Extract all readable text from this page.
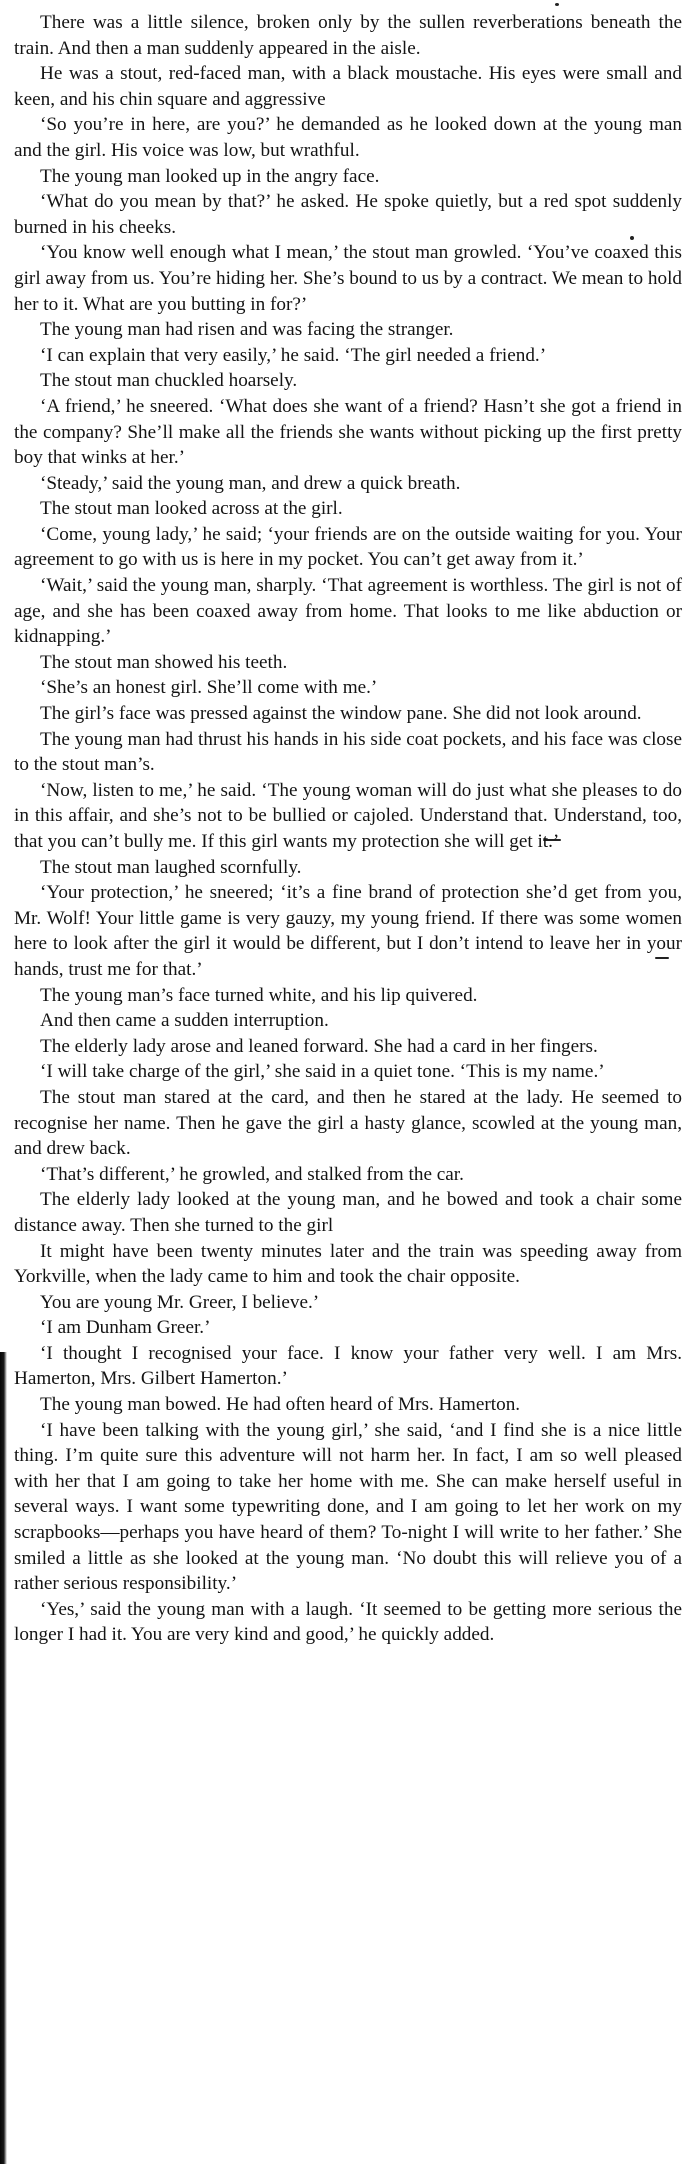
There was a little silence, broken only by the sullen reverberations beneath the train. And then a man suddenly appeared in the aisle.

He was a stout, red-faced man, with a black moustache. His eyes were small and keen, and his chin square and aggressive

‘So you’re in here, are you?’ he demanded as he looked down at the young man and the girl. His voice was low, but wrathful.

The young man looked up in the angry face.

‘What do you mean by that?’ he asked. He spoke quietly, but a red spot suddenly burned in his cheeks.

‘You know well enough what I mean,’ the stout man growled. ‘You’ve coaxed this girl away from us. You’re hiding her. She’s bound to us by a contract. We mean to hold her to it. What are you butting in for?’

The young man had risen and was facing the stranger.

‘I can explain that very easily,’ he said. ‘The girl needed a friend.’

The stout man chuckled hoarsely.

‘A friend,’ he sneered. ‘What does she want of a friend? Hasn’t she got a friend in the company? She’ll make all the friends she wants without picking up the first pretty boy that winks at her.’

‘Steady,’ said the young man, and drew a quick breath.

The stout man looked across at the girl.

‘Come, young lady,’ he said; ‘your friends are on the outside waiting for you. Your agreement to go with us is here in my pocket. You can’t get away from it.’

‘Wait,’ said the young man, sharply. ‘That agreement is worthless. The girl is not of age, and she has been coaxed away from home. That looks to me like abduction or kidnapping.’

The stout man showed his teeth.

‘She’s an honest girl. She’ll come with me.’

The girl’s face was pressed against the window pane. She did not look around.

The young man had thrust his hands in his side coat pockets, and his face was close to the stout man’s.

‘Now, listen to me,’ he said. ‘The young woman will do just what she pleases to do in this affair, and she’s not to be bullied or cajoled. Understand that. Understand, too, that you can’t bully me. If this girl wants my protection she will get it.’

The stout man laughed scornfully.

‘Your protection,’ he sneered; ‘it’s a fine brand of protection she’d get from you, Mr. Wolf! Your little game is very gauzy, my young friend. If there was some women here to look after the girl it would be different, but I don’t intend to leave her in your hands, trust me for that.’

The young man’s face turned white, and his lip quivered.

And then came a sudden interruption.

The elderly lady arose and leaned forward. She had a card in her fingers.

‘I will take charge of the girl,’ she said in a quiet tone. ‘This is my name.’

The stout man stared at the card, and then he stared at the lady. He seemed to recognise her name. Then he gave the girl a hasty glance, scowled at the young man, and drew back.

‘That’s different,’ he growled, and stalked from the car.

The elderly lady looked at the young man, and he bowed and took a chair some distance away. Then she turned to the girl

It might have been twenty minutes later and the train was speeding away from Yorkville, when the lady came to him and took the chair opposite.

You are young Mr. Greer, I believe.’

‘I am Dunham Greer.’

‘I thought I recognised your face. I know your father very well. I am Mrs. Hamerton, Mrs. Gilbert Hamerton.’

The young man bowed. He had often heard of Mrs. Hamerton.

‘I have been talking with the young girl,’ she said, ‘and I find she is a nice little thing. I’m quite sure this adventure will not harm her. In fact, I am so well pleased with her that I am going to take her home with me. She can make herself useful in several ways. I want some typewriting done, and I am going to let her work on my scrapbooks—perhaps you have heard of them? To-night I will write to her father.’ She smiled a little as she looked at the young man. ‘No doubt this will relieve you of a rather serious responsibility.’

‘Yes,’ said the young man with a laugh. ‘It seemed to be getting more serious the longer I had it. You are very kind and good,’ he quickly added.
